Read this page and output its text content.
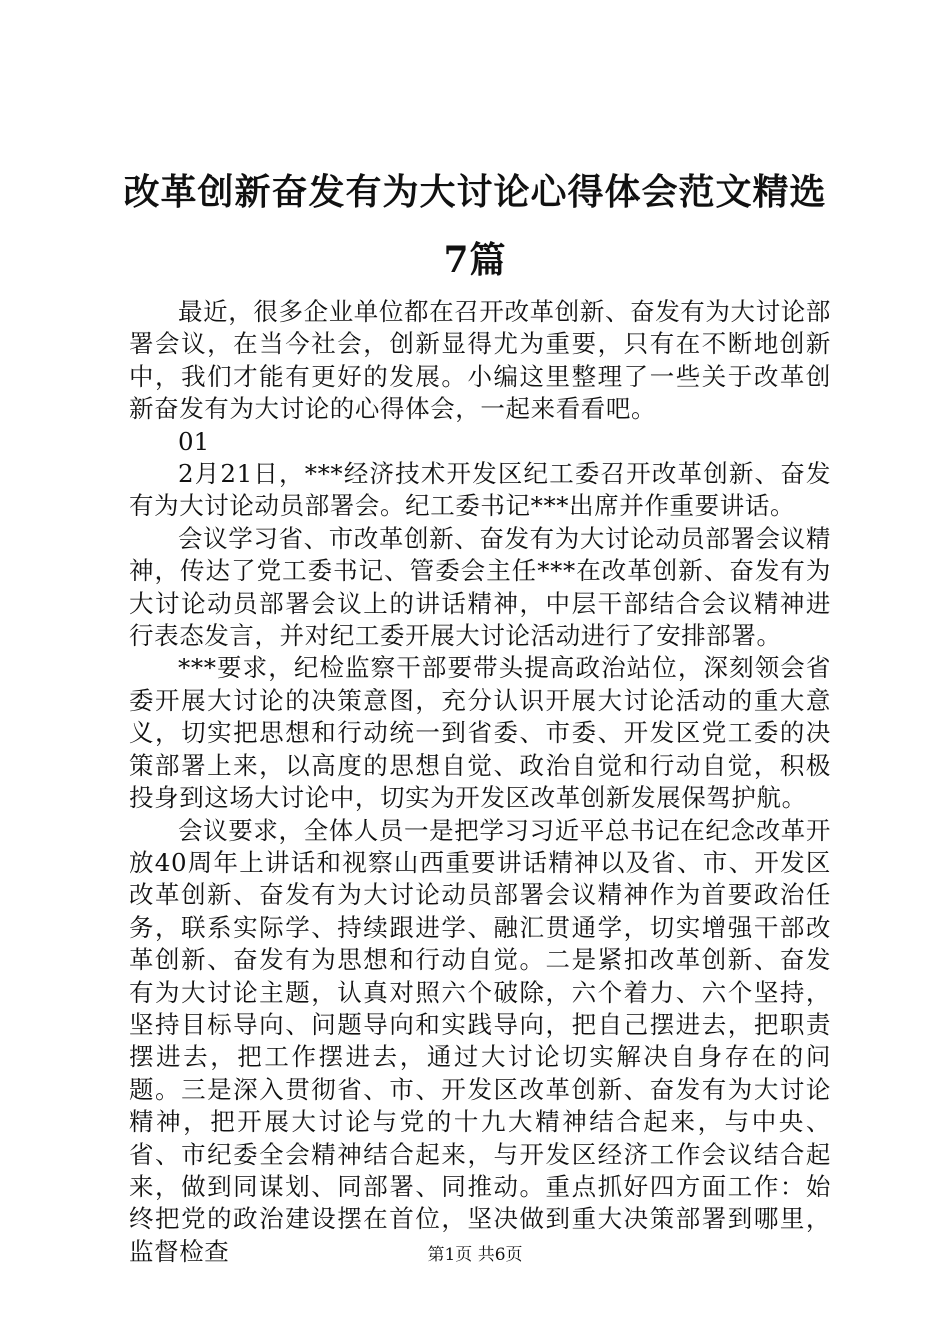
改革创新奋发有为大讨论心得体会范文精选7篇

最近，很多企业单位都在召开改革创新、奋发有为大讨论部署会议，在当今社会，创新显得尤为重要，只有在不断地创新中，我们才能有更好的发展。小编这里整理了一些关于改革创新奋发有为大讨论的心得体会，一起来看看吧。

01

2月21日，***经济技术开发区纪工委召开改革创新、奋发有为大讨论动员部署会。纪工委书记***出席并作重要讲话。

会议学习省、市改革创新、奋发有为大讨论动员部署会议精神，传达了党工委书记、管委会主任***在改革创新、奋发有为大讨论动员部署会议上的讲话精神，中层干部结合会议精神进行表态发言，并对纪工委开展大讨论活动进行了安排部署。

***要求，纪检监察干部要带头提高政治站位，深刻领会省委开展大讨论的决策意图，充分认识开展大讨论活动的重大意义，切实把思想和行动统一到省委、市委、开发区党工委的决策部署上来，以高度的思想自觉、政治自觉和行动自觉，积极投身到这场大讨论中，切实为开发区改革创新发展保驾护航。

会议要求，全体人员一是把学习习近平总书记在纪念改革开放40周年上讲话和视察山西重要讲话精神以及省、市、开发区改革创新、奋发有为大讨论动员部署会议精神作为首要政治任务，联系实际学、持续跟进学、融汇贯通学，切实增强干部改革创新、奋发有为思想和行动自觉。二是紧扣改革创新、奋发有为大讨论主题，认真对照六个破除，六个着力、六个坚持，坚持目标导向、问题导向和实践导向，把自己摆进去，把职责摆进去，把工作摆进去，通过大讨论切实解决自身存在的问题。三是深入贯彻省、市、开发区改革创新、奋发有为大讨论精神，把开展大讨论与党的十九大精神结合起来，与中央、省、市纪委全会精神结合起来，与开发区经济工作会议结合起来，做到同谋划、同部署、同推动。重点抓好四方面工作：始终把党的政治建设摆在首位，坚决做到重大决策部署到哪里，监督检查	第1页 共6页
